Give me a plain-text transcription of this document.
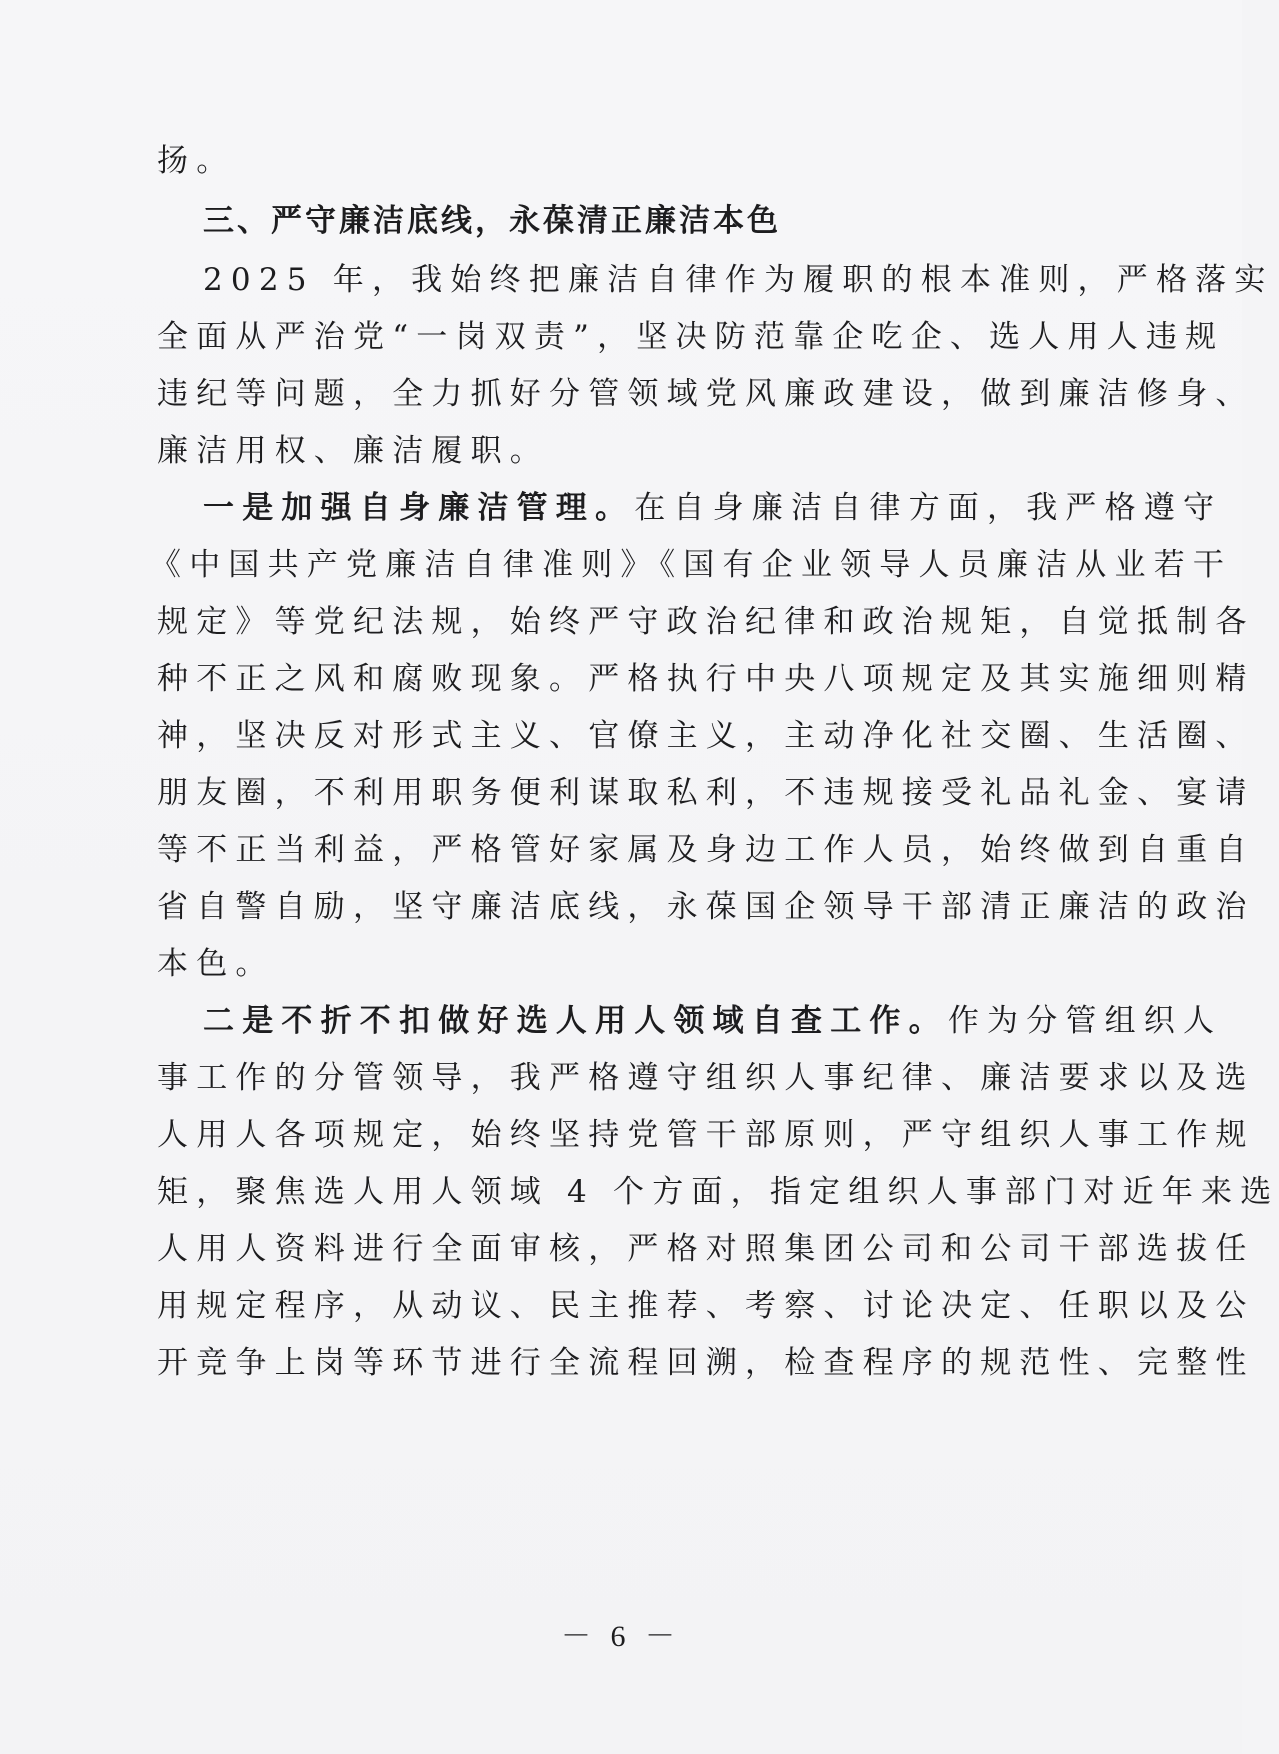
扬。
三、严守廉洁底线，永葆清正廉洁本色
2025 年，我始终把廉洁自律作为履职的根本准则，严格落实
全面从严治党“一岗双责”，坚决防范靠企吃企、选人用人违规
违纪等问题，全力抓好分管领域党风廉政建设，做到廉洁修身、
廉洁用权、廉洁履职。
一是加强自身廉洁管理。在自身廉洁自律方面，我严格遵守
《中国共产党廉洁自律准则》《国有企业领导人员廉洁从业若干
规定》等党纪法规，始终严守政治纪律和政治规矩，自觉抵制各
种不正之风和腐败现象。严格执行中央八项规定及其实施细则精
神，坚决反对形式主义、官僚主义，主动净化社交圈、生活圈、
朋友圈，不利用职务便利谋取私利，不违规接受礼品礼金、宴请
等不正当利益，严格管好家属及身边工作人员，始终做到自重自
省自警自励，坚守廉洁底线，永葆国企领导干部清正廉洁的政治
本色。
二是不折不扣做好选人用人领域自查工作。作为分管组织人
事工作的分管领导，我严格遵守组织人事纪律、廉洁要求以及选
人用人各项规定，始终坚持党管干部原则，严守组织人事工作规
矩，聚焦选人用人领域 4 个方面，指定组织人事部门对近年来选
人用人资料进行全面审核，严格对照集团公司和公司干部选拔任
用规定程序，从动议、民主推荐、考察、讨论决定、任职以及公
开竞争上岗等环节进行全流程回溯，检查程序的规范性、完整性
－ 6 －
